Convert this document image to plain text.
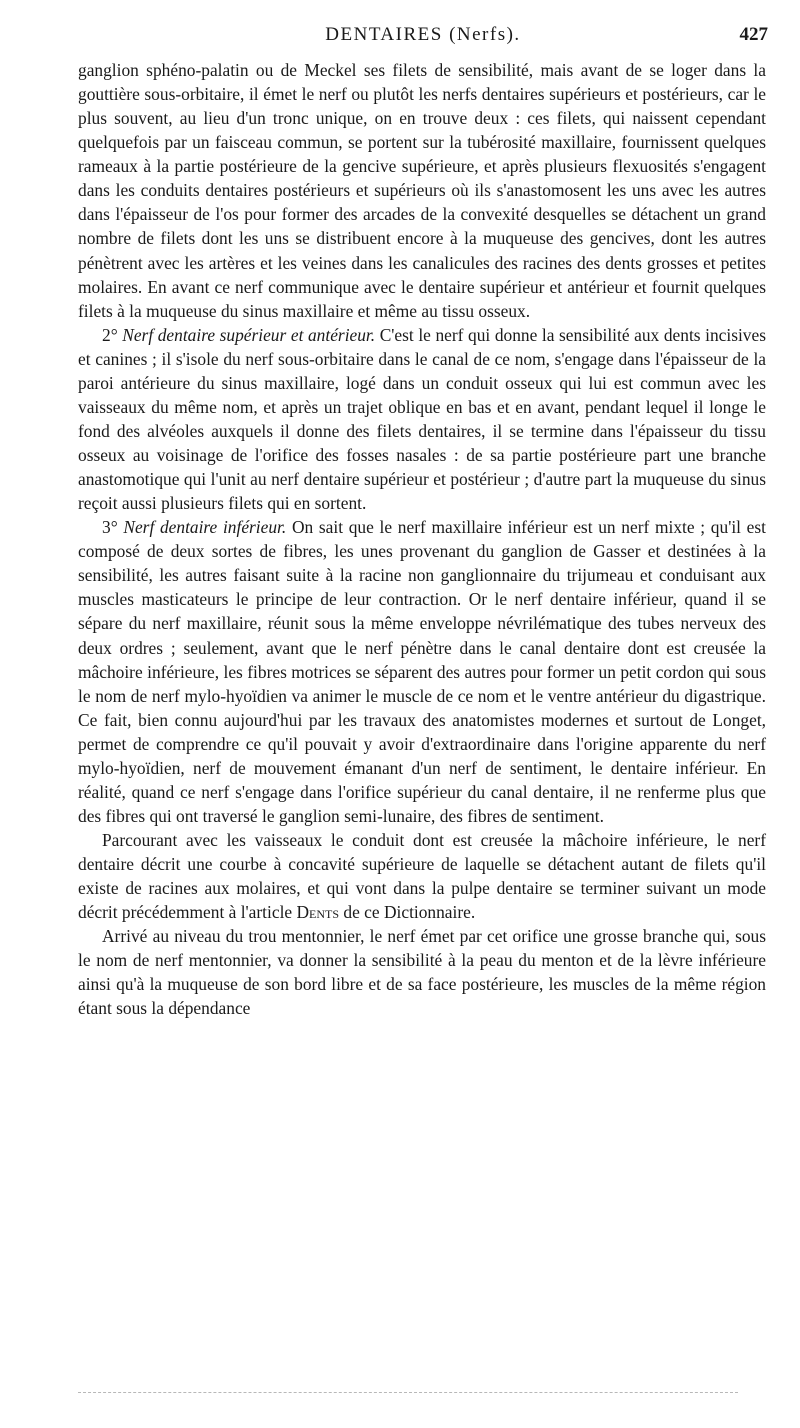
DENTAIRES (Nerfs).	427

ganglion sphéno-palatin ou de Meckel ses filets de sensibilité, mais avant de se loger dans la gouttière sous-orbitaire, il émet le nerf ou plutôt les nerfs dentaires supérieurs et postérieurs, car le plus souvent, au lieu d'un tronc unique, on en trouve deux : ces filets, qui naissent cependant quelquefois par un faisceau commun, se portent sur la tubérosité maxillaire, fournissent quelques rameaux à la partie postérieure de la gencive supérieure, et après plusieurs flexuosités s'engagent dans les conduits dentaires postérieurs et supérieurs où ils s'anastomosent les uns avec les autres dans l'épaisseur de l'os pour former des arcades de la convexité desquelles se détachent un grand nombre de filets dont les uns se distribuent encore à la muqueuse des gencives, dont les autres pénètrent avec les artères et les veines dans les canalicules des racines des dents grosses et petites molaires. En avant ce nerf communique avec le dentaire supérieur et antérieur et fournit quelques filets à la muqueuse du sinus maxillaire et même au tissu osseux.

2° Nerf dentaire supérieur et antérieur. C'est le nerf qui donne la sensibilité aux dents incisives et canines ; il s'isole du nerf sous-orbitaire dans le canal de ce nom, s'engage dans l'épaisseur de la paroi antérieure du sinus maxillaire, logé dans un conduit osseux qui lui est commun avec les vaisseaux du même nom, et après un trajet oblique en bas et en avant, pendant lequel il longe le fond des alvéoles auxquels il donne des filets dentaires, il se termine dans l'épaisseur du tissu osseux au voisinage de l'orifice des fosses nasales : de sa partie postérieure part une branche anastomotique qui l'unit au nerf dentaire supérieur et postérieur ; d'autre part la muqueuse du sinus reçoit aussi plusieurs filets qui en sortent.

3° Nerf dentaire inférieur. On sait que le nerf maxillaire inférieur est un nerf mixte ; qu'il est composé de deux sortes de fibres, les unes provenant du ganglion de Gasser et destinées à la sensibilité, les autres faisant suite à la racine non ganglionnaire du trijumeau et conduisant aux muscles masticateurs le principe de leur contraction. Or le nerf dentaire inférieur, quand il se sépare du nerf maxillaire, réunit sous la même enveloppe névrilématique des tubes nerveux des deux ordres ; seulement, avant que le nerf pénètre dans le canal dentaire dont est creusée la mâchoire inférieure, les fibres motrices se séparent des autres pour former un petit cordon qui sous le nom de nerf mylo-hyoïdien va animer le muscle de ce nom et le ventre antérieur du digastrique. Ce fait, bien connu aujourd'hui par les travaux des anatomistes modernes et surtout de Longet, permet de comprendre ce qu'il pouvait y avoir d'extraordinaire dans l'origine apparente du nerf mylo-hyoïdien, nerf de mouvement émanant d'un nerf de sentiment, le dentaire inférieur. En réalité, quand ce nerf s'engage dans l'orifice supérieur du canal dentaire, il ne renferme plus que des fibres qui ont traversé le ganglion semi-lunaire, des fibres de sentiment.

Parcourant avec les vaisseaux le conduit dont est creusée la mâchoire inférieure, le nerf dentaire décrit une courbe à concavité supérieure de laquelle se détachent autant de filets qu'il existe de racines aux molaires, et qui vont dans la pulpe dentaire se terminer suivant un mode décrit précédemment à l'article Dents de ce Dictionnaire.

Arrivé au niveau du trou mentonnier, le nerf émet par cet orifice une grosse branche qui, sous le nom de nerf mentonnier, va donner la sensibilité à la peau du menton et de la lèvre inférieure ainsi qu'à la muqueuse de son bord libre et de sa face postérieure, les muscles de la même région étant sous la dépendance
